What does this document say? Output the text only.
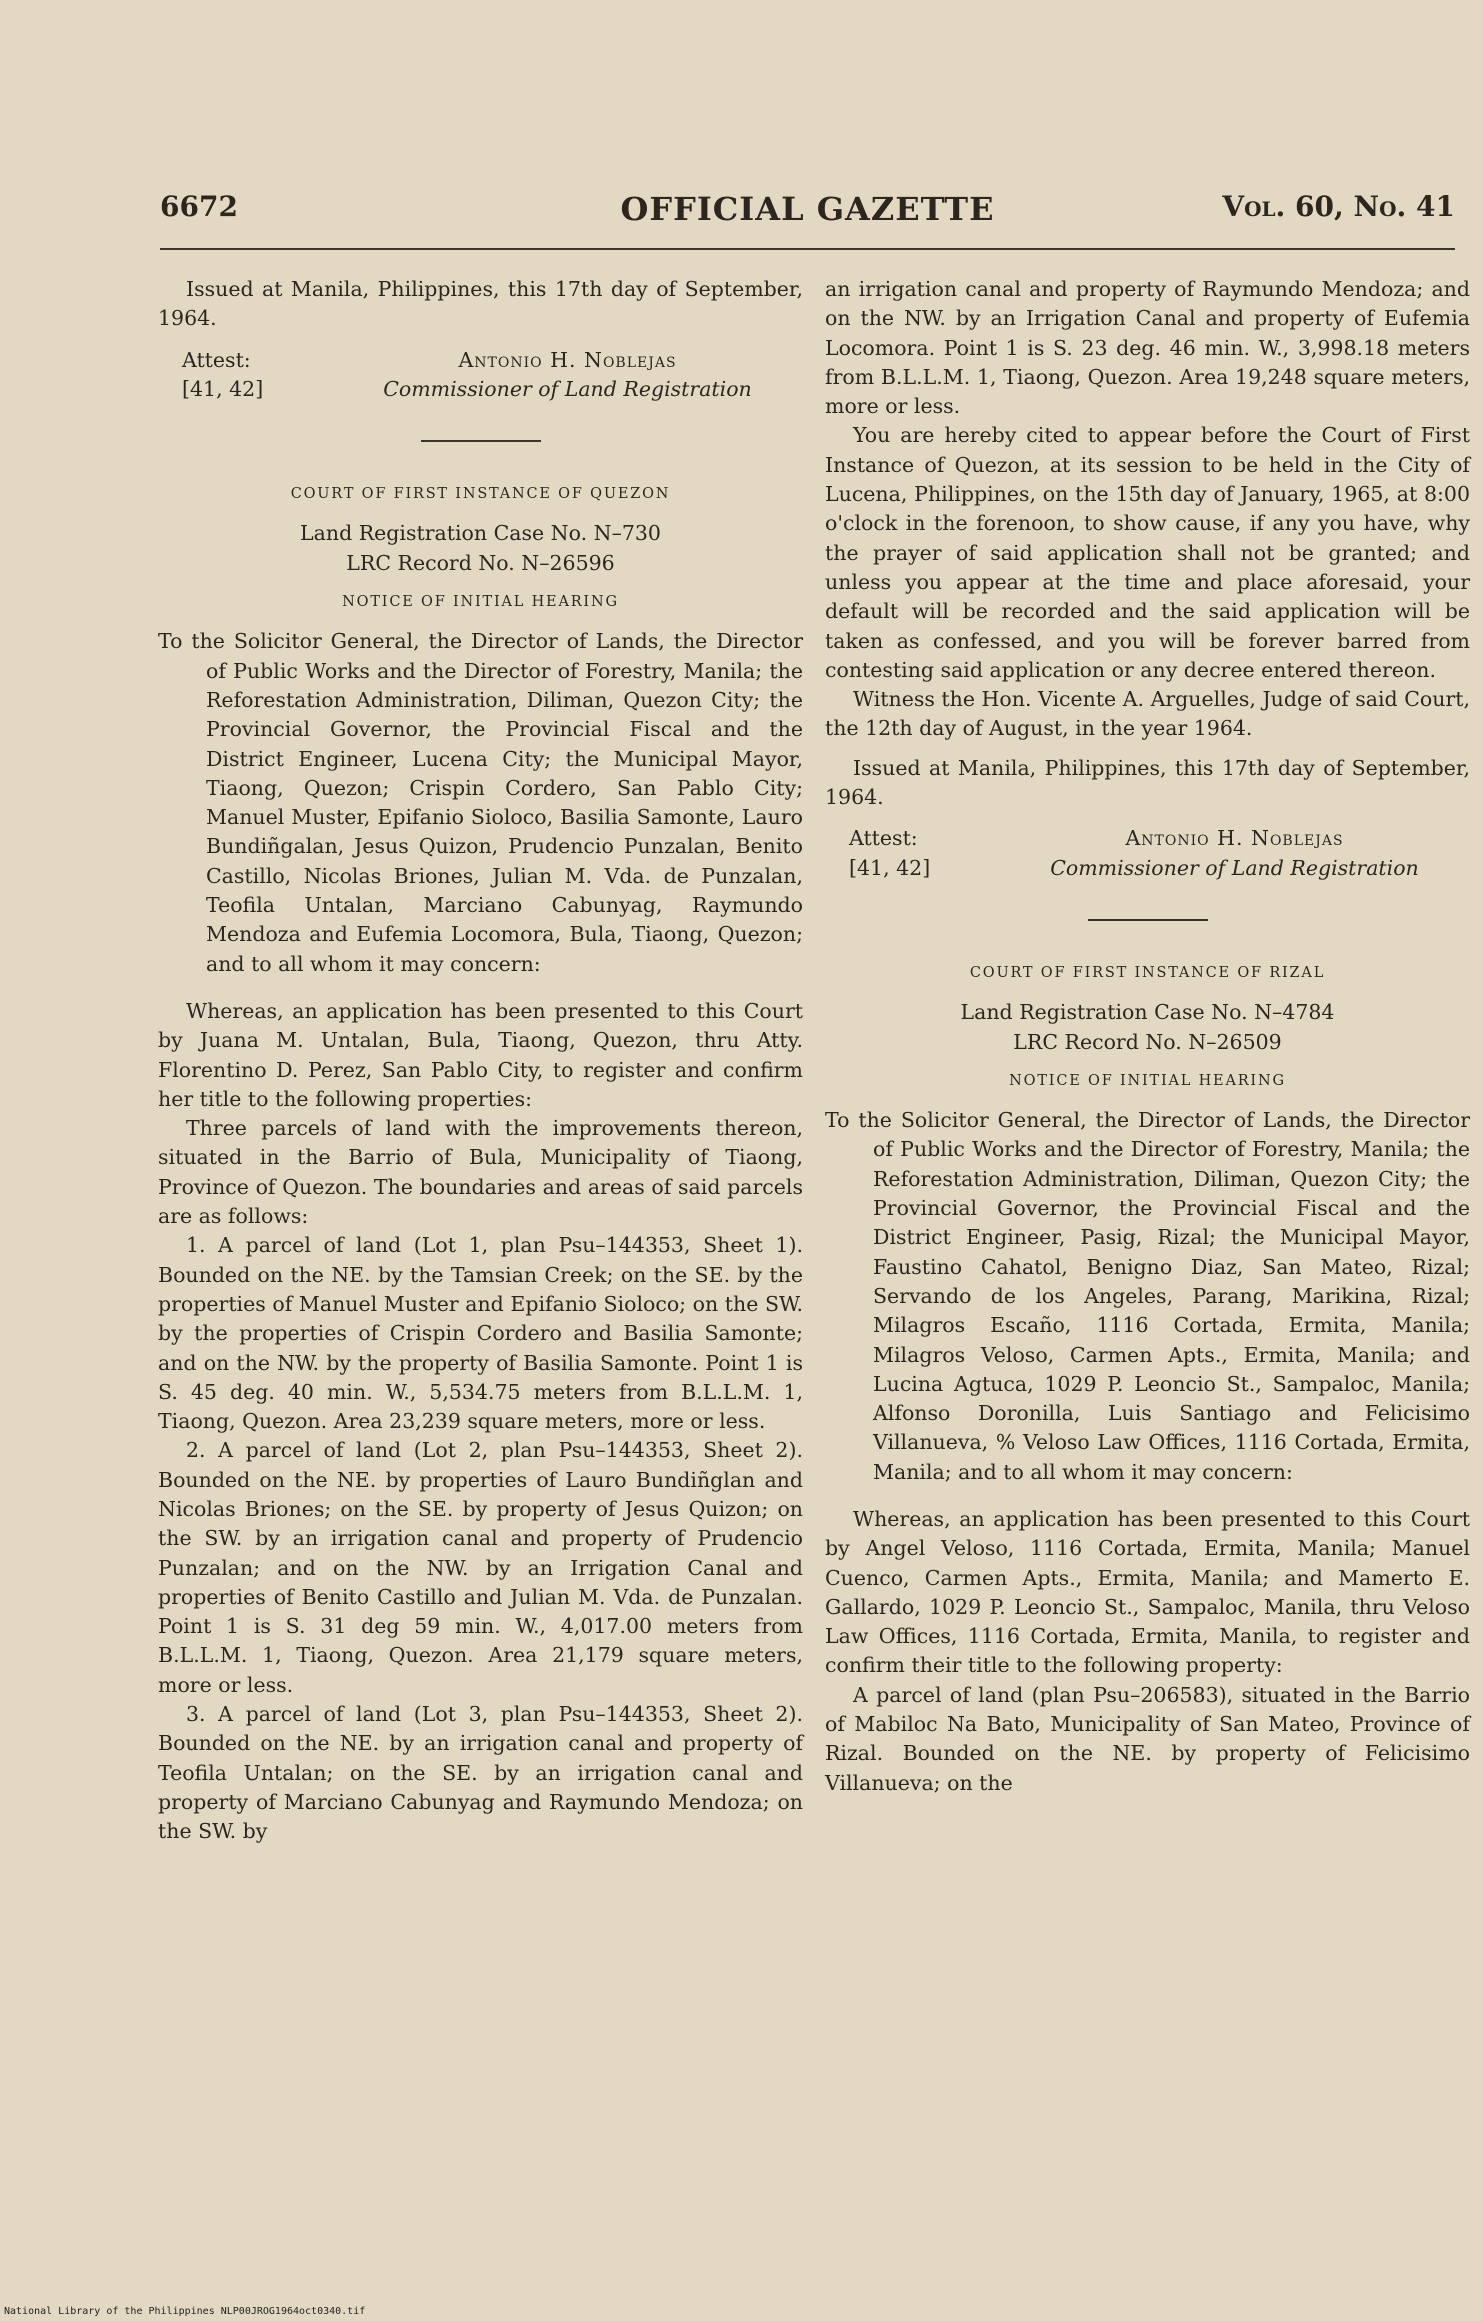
OFFICIAL GAZETTE
6672	Vol. 60, No. 41

Issued at Manila, Philippines, this 17th day of September, 1964.

Attest:
[41, 42]
Antonio H. Noblejas
Commissioner of Land Registration

COURT OF FIRST INSTANCE OF QUEZON

Land Registration Case No. N–730

LRC Record No. N–26596

NOTICE OF INITIAL HEARING

To the Solicitor General, the Director of Lands, the Director of Public Works and the Director of Forestry, Manila; the Reforestation Administration, Diliman, Quezon City; the Provincial Governor, the Provincial Fiscal and the District Engineer, Lucena City; the Municipal Mayor, Tiaong, Quezon; Crispin Cordero, San Pablo City; Manuel Muster, Epifanio Sioloco, Basilia Samonte, Lauro Bundiñgalan, Jesus Quizon, Prudencio Punzalan, Benito Castillo, Nicolas Briones, Julian M. Vda. de Punzalan, Teofila Untalan, Marciano Cabunyag, Raymundo Mendoza and Eufemia Locomora, Bula, Tiaong, Quezon; and to all whom it may concern:

Whereas, an application has been presented to this Court by Juana M. Untalan, Bula, Tiaong, Quezon, thru Atty. Florentino D. Perez, San Pablo City, to register and confirm her title to the following properties:

Three parcels of land with the improvements thereon, situated in the Barrio of Bula, Municipality of Tiaong, Province of Quezon. The boundaries and areas of said parcels are as follows:

1. A parcel of land (Lot 1, plan Psu–144353, Sheet 1). Bounded on the NE. by the Tamsian Creek; on the SE. by the properties of Manuel Muster and Epifanio Sioloco; on the SW. by the properties of Crispin Cordero and Basilia Samonte; and on the NW. by the property of Basilia Samonte. Point 1 is S. 45 deg. 40 min. W., 5,534.75 meters from B.L.L.M. 1, Tiaong, Quezon. Area 23,239 square meters, more or less.

2. A parcel of land (Lot 2, plan Psu–144353, Sheet 2). Bounded on the NE. by properties of Lauro Bundiñglan and Nicolas Briones; on the SE. by property of Jesus Quizon; on the SW. by an irrigation canal and property of Prudencio Punzalan; and on the NW. by an Irrigation Canal and properties of Benito Castillo and Julian M. Vda. de Punzalan. Point 1 is S. 31 deg 59 min. W., 4,017.00 meters from B.L.L.M. 1, Tiaong, Quezon. Area 21,179 square meters, more or less.

3. A parcel of land (Lot 3, plan Psu–144353, Sheet 2). Bounded on the NE. by an irrigation canal and property of Teofila Untalan; on the SE. by an irrigation canal and property of Marciano Cabunyag and Raymundo Mendoza; on the SW. by

an irrigation canal and property of Raymundo Mendoza; and on the NW. by an Irrigation Canal and property of Eufemia Locomora. Point 1 is S. 23 deg. 46 min. W., 3,998.18 meters from B.L.L.M. 1, Tiaong, Quezon. Area 19,248 square meters, more or less.

You are hereby cited to appear before the Court of First Instance of Quezon, at its session to be held in the City of Lucena, Philippines, on the 15th day of January, 1965, at 8:00 o'clock in the forenoon, to show cause, if any you have, why the prayer of said application shall not be granted; and unless you appear at the time and place aforesaid, your default will be recorded and the said application will be taken as confessed, and you will be forever barred from contesting said application or any decree entered thereon.

Witness the Hon. Vicente A. Arguelles, Judge of said Court, the 12th day of August, in the year 1964.

Issued at Manila, Philippines, this 17th day of September, 1964.

Attest:
[41, 42]
Antonio H. Noblejas
Commissioner of Land Registration

COURT OF FIRST INSTANCE OF RIZAL

Land Registration Case No. N–4784

LRC Record No. N–26509

NOTICE OF INITIAL HEARING

To the Solicitor General, the Director of Lands, the Director of Public Works and the Director of Forestry, Manila; the Reforestation Administration, Diliman, Quezon City; the Provincial Governor, the Provincial Fiscal and the District Engineer, Pasig, Rizal; the Municipal Mayor, Faustino Cahatol, Benigno Diaz, San Mateo, Rizal; Servando de los Angeles, Parang, Marikina, Rizal; Milagros Escaño, 1116 Cortada, Ermita, Manila; Milagros Veloso, Carmen Apts., Ermita, Manila; and Lucina Agtuca, 1029 P. Leoncio St., Sampaloc, Manila; Alfonso Doronilla, Luis Santiago and Felicisimo Villanueva, % Veloso Law Offices, 1116 Cortada, Ermita, Manila; and to all whom it may concern:

Whereas, an application has been presented to this Court by Angel Veloso, 1116 Cortada, Ermita, Manila; Manuel Cuenco, Carmen Apts., Ermita, Manila; and Mamerto E. Gallardo, 1029 P. Leoncio St., Sampaloc, Manila, thru Veloso Law Offices, 1116 Cortada, Ermita, Manila, to register and confirm their title to the following property:

A parcel of land (plan Psu–206583), situated in the Barrio of Mabiloc Na Bato, Municipality of San Mateo, Province of Rizal. Bounded on the NE. by property of Felicisimo Villanueva; on the

National Library of the Philippines NLP00JROG1964oct0340.tif
